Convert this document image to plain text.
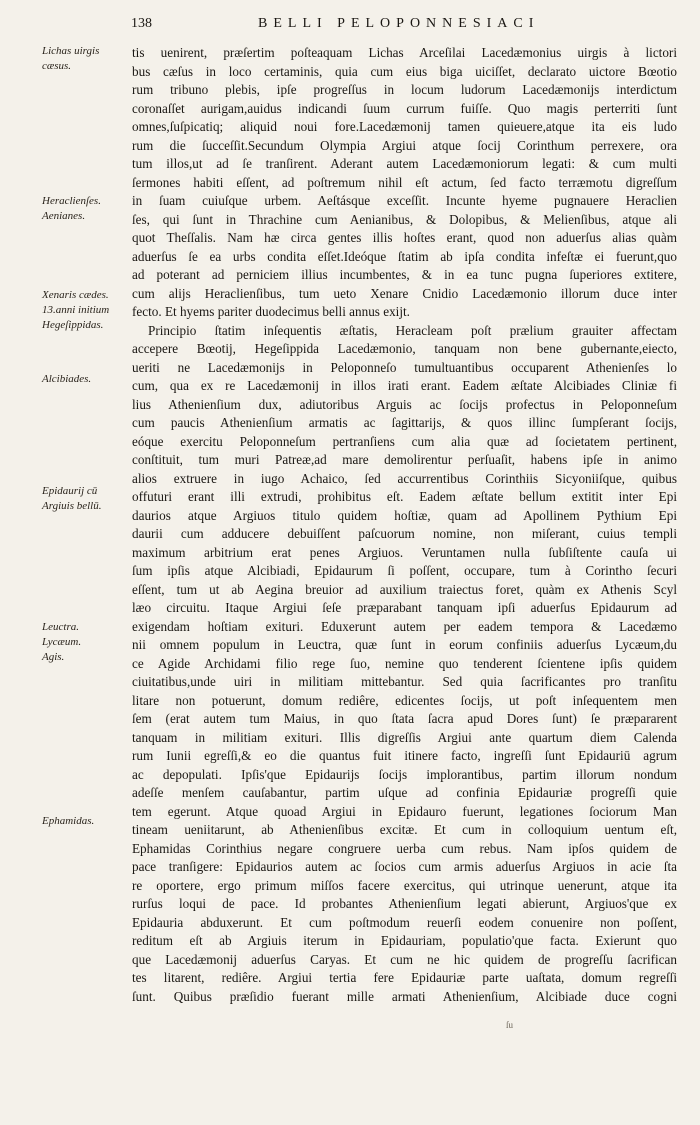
138	BELLI PELOPONNESIACI
Lichas uirgis
cæsus.
Heraclienſes.
Aenianes.
Xenaris cædes.
13.anni initium
Hegeſippidas.
Alcibiades.
Epidaurij cū
Argiuis bellū.
Leuctra.
Lycæum.
Agis.
Ephamidas.
tis uenirent, præſertim poſteaquam Lichas Arceſilai Lacedæmonius uirgis à lictori
bus cæſus in loco certaminis, quia cum eius biga uiciſſet, declarato uictore Bœotio
rum tribuno plebis, ipſe progreſſus in locum ludorum Lacedæmonijs interdictum
coronaſſet aurigam,auidus indicandi ſuum currum fuiſſe. Quo magis perterriti ſunt
omnes,ſuſpicatiq; aliquid noui fore.Lacedæmonij tamen quieuere,atque ita eis ludo
rum die ſucceſſit.Secundum Olympia Argiui atque ſocij Corinthum perrexere, ora
tum illos,ut ad ſe tranſirent. Aderant autem Lacedæmoniorum legati: & cum multi
ſermones habiti eſſent, ad poſtremum nihil eſt actum, ſed facto terræmotu digreſſum
in ſuam cuiuſque urbem. Aeſtásque exceſſit. Incunte hyeme pugnauere Heraclien
ſes, qui ſunt in Thrachine cum Aenianibus, & Dolopibus, & Melienſibus, atque ali
quot Theſſalis. Nam hæ circa gentes illis hoſtes erant, quod non aduerſus alias quàm
aduerſus ſe ea urbs condita eſſet.Ideóque ſtatim ab ipſa condita infeſtæ ei fuerunt,quo
ad poterant ad perniciem illius incumbentes, & in ea tunc pugna ſuperiores extitere,
cum alijs Heraclienſibus, tum ueto Xenare Cnidio Lacedæmonio illorum duce inter
fecto. Et hyems pariter duodecimus belli annus exijt.
Principio ſtatim inſequentis æſtatis, Heracleam poſt prælium grauiter affectam
accepere Bœotij, Hegeſippida Lacedæmonio, tanquam non bene gubernante,eiecto,
ueriti ne Lacedæmonijs in Peloponneſo tumultuantibus occuparent Athenienſes lo
cum, qua ex re Lacedæmonij in illos irati erant. Eadem æſtate Alcibiades Cliniæ fi
lius Athenienſium dux, adiutoribus Arguis ac ſocijs profectus in Peloponneſum
cum paucis Athenienſium armatis ac ſagittarijs, & quos illinc ſumpſerant ſocijs,
eóque exercitu Peloponneſum pertranſiens cum alia quæ ad ſocietatem pertinent,
conſtituit, tum muri Patreæ,ad mare demolirentur perſuaſit, habens ipſe in animo
alios extruere in iugo Achaico, ſed accurrentibus Corinthiis Sicyoniiſque, quibus
offuturi erant illi extrudi, prohibitus eſt. Eadem æſtate bellum extitit inter Epi
daurios atque Argiuos titulo quidem hoſtiæ, quam ad Apollinem Pythium Epi
daurii cum adducere debuiſſent paſcuorum nomine, non miſerant, cuius templi
maximum arbitrium erat penes Argiuos. Veruntamen nulla ſubſiſtente cauſa ui
ſum ipſis atque Alcibiadi, Epidaurum ſi poſſent, occupare, tum à Corintho ſecuri
eſſent, tum ut ab Aegina breuior ad auxilium traiectus foret, quàm ex Athenis Scyl
læo circuitu. Itaque Argiui ſeſe præparabant tanquam ipſi aduerſus Epidaurum ad
exigendam hoſtiam exituri. Eduxerunt autem per eadem tempora & Lacedæmo
nii omnem populum in Leuctra, quæ ſunt in eorum confiniis aduerſus Lycæum,du
ce Agide Archidami filio rege ſuo, nemine quo tenderent ſcientene ipſis quidem
ciuitatibus,unde uiri in militiam mittebantur. Sed quia ſacrificantes pro tranſitu
litare non potuerunt, domum rediêre, edicentes ſocijs, ut poſt inſequentem men
ſem (erat autem tum Maius, in quo ſtata ſacra apud Dores ſunt) ſe præpararent
tanquam in militiam exituri. Illis digreſſis Argiui ante quartum diem Calenda
rum Iunii egreſſi,& eo die quantus fuit itinere facto, ingreſſi ſunt Epidauriū agrum
ac depopulati. Ipſis'que Epidaurijs ſocijs implorantibus, partim illorum nondum
adeſſe menſem cauſabantur, partim uſque ad confinia Epidauriæ progreſſi quie
tem egerunt. Atque quoad Argiui in Epidauro fuerunt, legationes ſociorum Man
tineam ueniitarunt, ab Athenienſibus excitæ. Et cum in colloquium uentum eſt,
Ephamidas Corinthius negare congruere uerba cum rebus. Nam ipſos quidem de
pace tranſigere: Epidaurios autem ac ſocios cum armis aduerſus Argiuos in acie ſta
re oportere, ergo primum miſſos facere exercitus, qui utrinque uenerunt, atque ita
rurſus loqui de pace. Id probantes Athenienſium legati abierunt, Argiuos'que ex
Epidauria abduxerunt. Et cum poſtmodum reuerſi eodem conuenire non poſſent,
reditum eſt ab Argiuis iterum in Epidauriam, populatio'que facta. Exierunt quo
que Lacedæmonij aduerſus Caryas. Et cum ne hic quidem de progreſſu ſacrifican
tes litarent, rediêre. Argiui tertia fere Epidauriæ parte uaſtata, domum regreſſi
ſunt. Quibus præſidio fuerant mille armati Athenienſium, Alcibiade duce cogni
ſu
